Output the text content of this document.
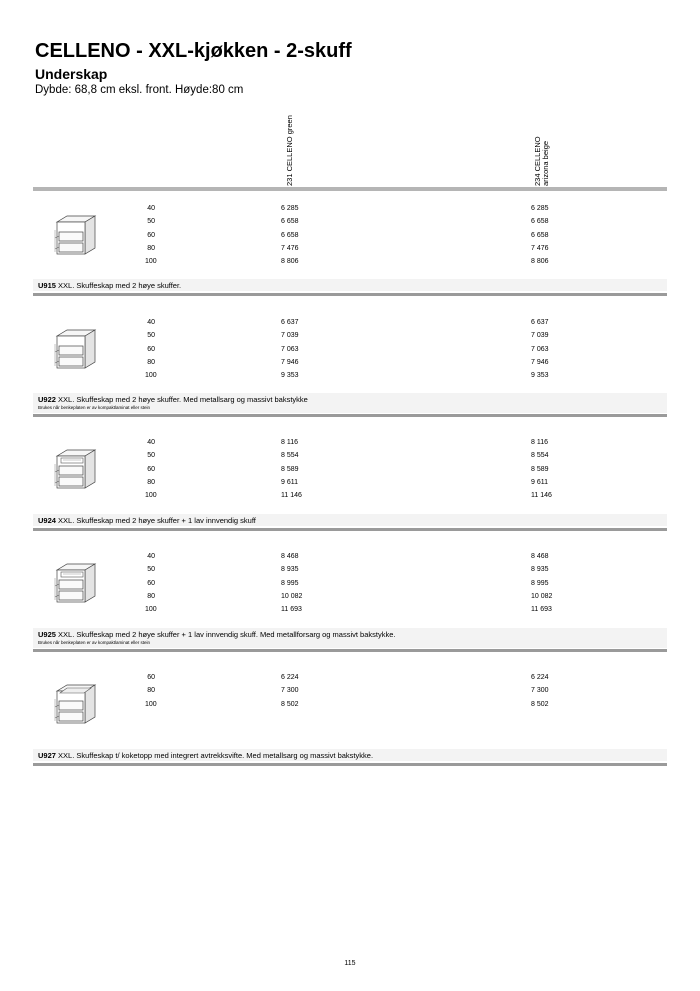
CELLENO - XXL-kjøkken - 2-skuff
Underskap
Dybde: 68,8 cm eksl. front. Høyde:80 cm
231 CELLENO green	234 CELLENO arizona beige
40	6 285	6 285
50	6 658	6 658
60	6 658	6 658
80	7 476	7 476
100	8 806	8 806
U915 XXL. Skuffeskap med 2 høye skuffer.
40	6 637	6 637
50	7 039	7 039
60	7 063	7 063
80	7 946	7 946
100	9 353	9 353
U922 XXL. Skuffeskap med 2 høye skuffer. Med metallsarg og massivt bakstykke
Brukes når benkeplaten er av kompaktlaminat eller stein
40	8 116	8 116
50	8 554	8 554
60	8 589	8 589
80	9 611	9 611
100	11 146	11 146
U924 XXL. Skuffeskap med 2 høye skuffer + 1 lav innvendig skuff
40	8 468	8 468
50	8 935	8 935
60	8 995	8 995
80	10 082	10 082
100	11 693	11 693
U925 XXL. Skuffeskap med 2 høye skuffer + 1 lav innvendig skuff. Med metallforsarg og massivt bakstykke.
Brukes når benkeplaten er av kompaktlaminat eller stein
60	6 224	6 224
80	7 300	7 300
100	8 502	8 502
U927 XXL. Skuffeskap t/ koketopp med integrert avtrekksvifte. Med metallsarg og massivt bakstykke.
115
